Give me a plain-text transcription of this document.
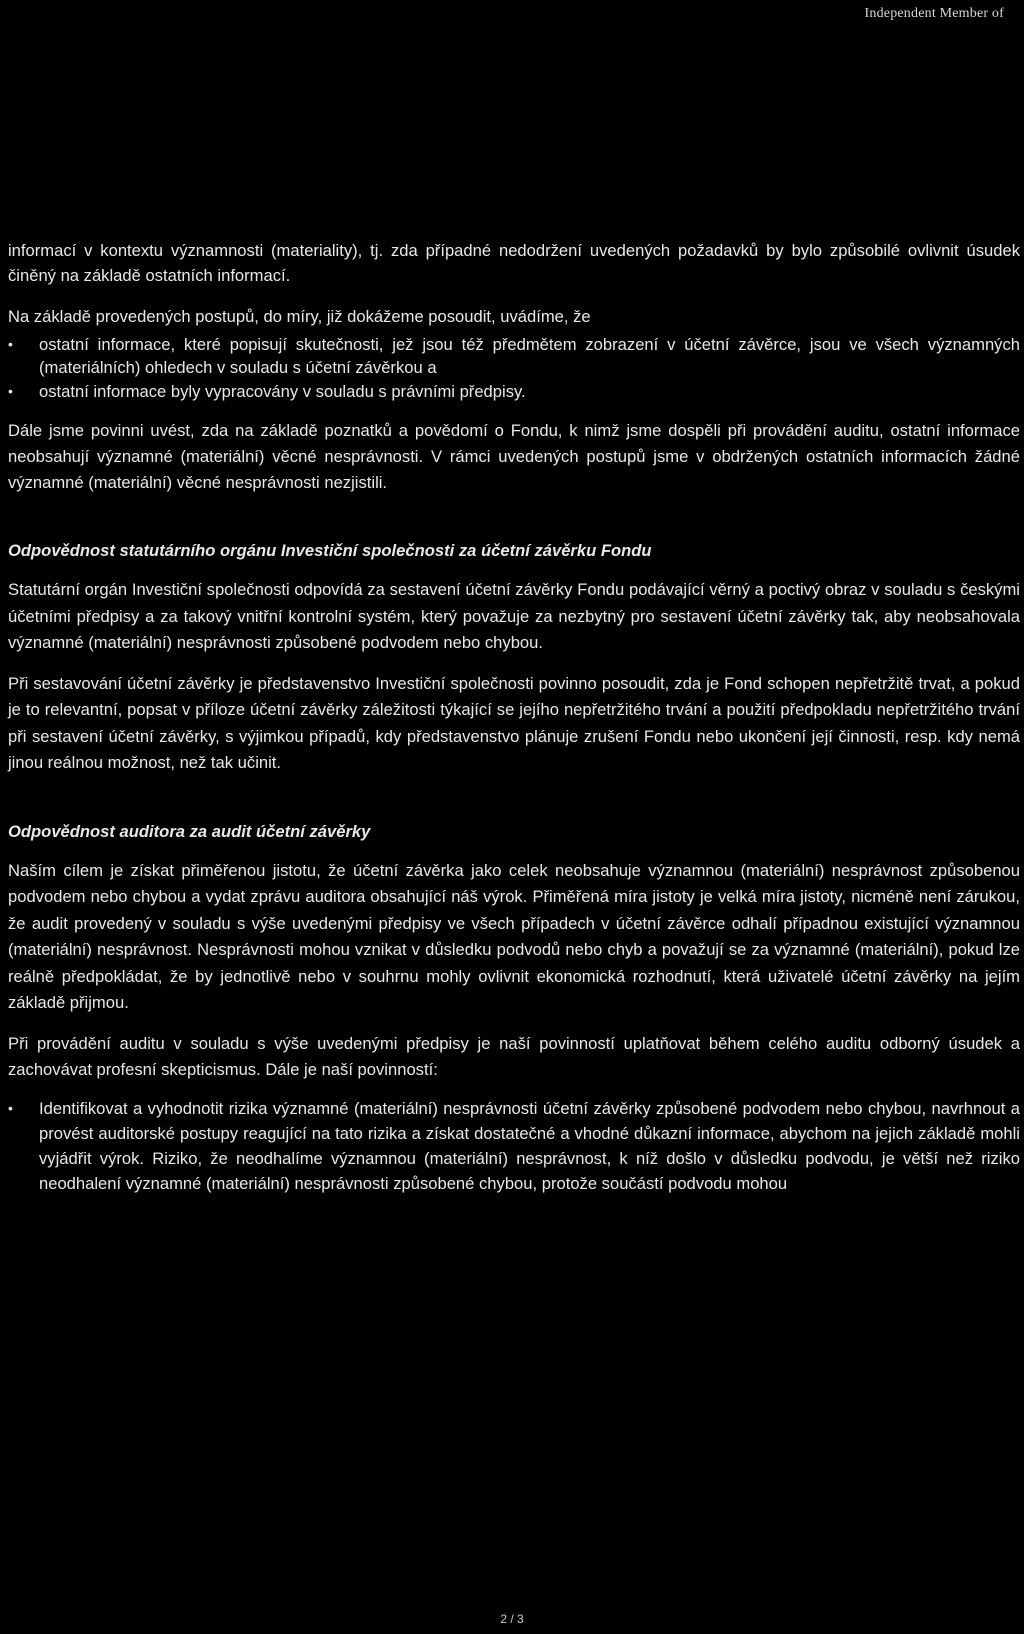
Independent Member of

informací v kontextu významnosti (materiality), tj. zda případné nedodržení uvedených požadavků by bylo způsobilé ovlivnit úsudek činěný na základě ostatních informací.

Na základě provedených postupů, do míry, již dokážeme posoudit, uvádíme, že

• ostatní informace, které popisují skutečnosti, jež jsou též předmětem zobrazení v účetní závěrce, jsou ve všech významných (materiálních) ohledech v souladu s účetní závěrkou a
• ostatní informace byly vypracovány v souladu s právními předpisy.

Dále jsme povinni uvést, zda na základě poznatků a povědomí o Fondu, k nimž jsme dospěli při provádění auditu, ostatní informace neobsahují významné (materiální) věcné nesprávnosti. V rámci uvedených postupů jsme v obdržených ostatních informacích žádné významné (materiální) věcné nesprávnosti nezjistili.

Odpovědnost statutárního orgánu Investiční společnosti za účetní závěrku Fondu

Statutární orgán Investiční společnosti odpovídá za sestavení účetní závěrky Fondu podávající věrný a poctivý obraz v souladu s českými účetními předpisy a za takový vnitřní kontrolní systém, který považuje za nezbytný pro sestavení účetní závěrky tak, aby neobsahovala významné (materiální) nesprávnosti způsobené podvodem nebo chybou.

Při sestavování účetní závěrky je představenstvo Investiční společnosti povinno posoudit, zda je Fond schopen nepřetržitě trvat, a pokud je to relevantní, popsat v příloze účetní závěrky záležitosti týkající se jejího nepřetržitého trvání a použití předpokladu nepřetržitého trvání při sestavení účetní závěrky, s výjimkou případů, kdy představenstvo plánuje zrušení Fondu nebo ukončení její činnosti, resp. kdy nemá jinou reálnou možnost, než tak učinit.

Odpovědnost auditora za audit účetní závěrky

Naším cílem je získat přiměřenou jistotu, že účetní závěrka jako celek neobsahuje významnou (materiální) nesprávnost způsobenou podvodem nebo chybou a vydat zprávu auditora obsahující náš výrok. Přiměřená míra jistoty je velká míra jistoty, nicméně není zárukou, že audit provedený v souladu s výše uvedenými předpisy ve všech případech v účetní závěrce odhalí případnou existující významnou (materiální) nesprávnost. Nesprávnosti mohou vznikat v důsledku podvodů nebo chyb a považují se za významné (materiální), pokud lze reálně předpokládat, že by jednotlivě nebo v souhrnu mohly ovlivnit ekonomická rozhodnutí, která uživatelé účetní závěrky na jejím základě přijmou.

Při provádění auditu v souladu s výše uvedenými předpisy je naší povinností uplatňovat během celého auditu odborný úsudek a zachovávat profesní skepticismus. Dále je naší povinností:

• Identifikovat a vyhodnotit rizika významné (materiální) nesprávnosti účetní závěrky způsobené podvodem nebo chybou, navrhnout a provést auditorské postupy reagující na tato rizika a získat dostatečné a vhodné důkazní informace, abychom na jejich základě mohli vyjádřit výrok. Riziko, že neodhalíme významnou (materiální) nesprávnost, k níž došlo v důsledku podvodu, je větší než riziko neodhalení významné (materiální) nesprávnosti způsobené chybou, protože součástí podvodu mohou
2 / 3
